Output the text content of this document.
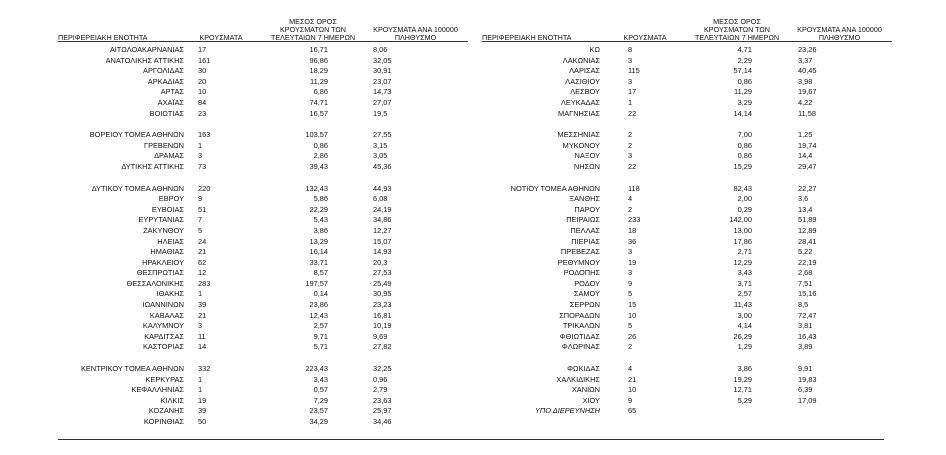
ΠΕΡΙΦΕΡΕΙΑΚΗ ΕΝΟΤΗΤΑ	ΚΡΟΥΣΜΑΤΑ
ΜΕΣΟΣ ΟΡΟΣ
ΚΡΟΥΣΜΑΤΩΝ ΤΩΝ
ΤΕΛΕΥΤΑΙΩΝ 7 ΗΜΕΡΩΝ
ΚΡΟΥΣΜΑΤΑ ΑΝΑ 100000
ΠΛΗΘΥΣΜΟ
ΑΙΤΩΛΟΑΚΑΡΝΑΝΙΑΣ 17	16,71	8,06
ΑΝΑΤΟΛΙΚΗΣ ΑΤΤΙΚΗΣ 161	96,86	32,05
ΑΡΓΟΛΙΔΑΣ 30	18,29	30,91
ΑΡΚΑΔΙΑΣ 20	11,29	23,07
ΑΡΤΑΣ 10	6,86	14,73
ΑΧΑΪΑΣ 84	74,71	27,07
ΒΟΙΩΤΙΑΣ 23	16,57	19,5
ΒΟΡΕΙΟΥ ΤΟΜΕΑ ΑΘΗΝΩΝ 163	103,57	27,55
ΓΡΕΒΕΝΩΝ 1	0,86	3,15
ΔΡΑΜΑΣ 3	2,86	3,05
ΔΥΤΙΚΗΣ ΑΤΤΙΚΗΣ 73	39,43	45,36
ΔΥΤΙΚΟΥ ΤΟΜΕΑ ΑΘΗΝΩΝ 220	132,43	44,93
ΕΒΡΟΥ 9	5,86	6,08
ΕΥΒΟΙΑΣ 51	22,29	24,19
ΕΥΡΥΤΑΝΙΑΣ 7	5,43	34,86
ΖΑΚΥΝΘΟΥ 5	3,86	12,27
ΗΛΕΙΑΣ 24	13,29	15,07
ΗΜΑΘΙΑΣ 21	16,14	14,93
ΗΡΑΚΛΕΙΟΥ 62	33,71	20,3
ΘΕΣΠΡΩΤΙΑΣ 12	8,57	27,53
ΘΕΣΣΑΛΟΝΙΚΗΣ 283	197,57	25,49
ΙΘΑΚΗΣ 1	0,14	30,95
ΙΩΑΝΝΙΝΩΝ 39	23,86	23,23
ΚΑΒΑΛΑΣ 21	12,43	16,81
ΚΑΛΥΜΝΟΥ 3	2,57	10,19
ΚΑΡΔΙΤΣΑΣ 11	9,71	9,69
ΚΑΣΤΟΡΙΑΣ 14	5,71	27,82
ΚΕΝΤΡΙΚΟΥ ΤΟΜΕΑ ΑΘΗΝΩΝ 332	223,43	32,25
ΚΕΡΚΥΡΑΣ 1	3,43	0,96
ΚΕΦΑΛΛΗΝΙΑΣ 1	0,57	2,79
ΚΙΛΚΙΣ 19	7,29	23,63
ΚΟΖΑΝΗΣ 39	23,57	25,97
ΚΟΡΙΝΘΙΑΣ 50	34,29	34,46
ΠΕΡΙΦΕΡΕΙΑΚΗ ΕΝΟΤΗΤΑ	ΚΡΟΥΣΜΑΤΑ
ΜΕΣΟΣ ΟΡΟΣ
ΚΡΟΥΣΜΑΤΩΝ ΤΩΝ
ΤΕΛΕΥΤΑΙΩΝ 7 ΗΜΕΡΩΝ
ΚΡΟΥΣΜΑΤΑ ΑΝΑ 100000
ΠΛΗΘΥΣΜΟ
ΚΩ	8	4,71	23,26
ΛΑΚΩΝΙΑΣ	3	2,29	3,37
ΛΑΡΙΣΑΣ	115	57,14	40,45
ΛΑΣΙΘΙΟΥ	3	0,86	3,98
ΛΕΣΒΟΥ	17	11,29	19,67
ΛΕΥΚΑΔΑΣ	1	3,29	4,22
ΜΑΓΝΗΣΙΑΣ	22	14,14	11,58
ΜΕΣΣΗΝΙΑΣ	2	7,00	1,25
ΜΥΚΟΝΟΥ	2	0,86	19,74
ΝΑΞΟΥ	3	0,86	14,4
ΝΗΣΩΝ	22	15,29	29,47
ΝΟΤΙΟΥ ΤΟΜΕΑ ΑΘΗΝΩΝ	118	82,43	22,27
ΞΑΝΘΗΣ	4	2,00	3,6
ΠΑΡΟΥ	2	0,29	13,4
ΠΕΙΡΑΙΩΣ	233	142,00	51,89
ΠΕΛΛΑΣ	18	13,00	12,89
ΠΙΕΡΙΑΣ	36	17,86	28,41
ΠΡΕΒΕΖΑΣ	3	2,71	5,22
ΡΕΘΥΜΝΟΥ	19	12,29	22,19
ΡΟΔΟΠΗΣ	3	3,43	2,68
ΡΟΔΟΥ	9	3,71	7,51
ΣΑΜΟΥ	5	2,57	15,16
ΣΕΡΡΩΝ	15	11,43	8,5
ΣΠΟΡΑΔΩΝ	10	3,00	72,47
ΤΡΙΚΑΛΩΝ	5	4,14	3,81
ΦΘΙΩΤΙΔΑΣ	26	26,29	16,43
ΦΛΩΡΙΝΑΣ	2	1,29	3,89
ΦΩΚΙΔΑΣ	4	3,86	9,91
ΧΑΛΚΙΔΙΚΗΣ	21	19,29	19,83
ΧΑΝΙΩΝ	10	12,71	6,39
ΧΙΟΥ	9	5,29	17,09
ΥΠΟ ΔΙΕΡΕΥΝΗΣΗ	65
